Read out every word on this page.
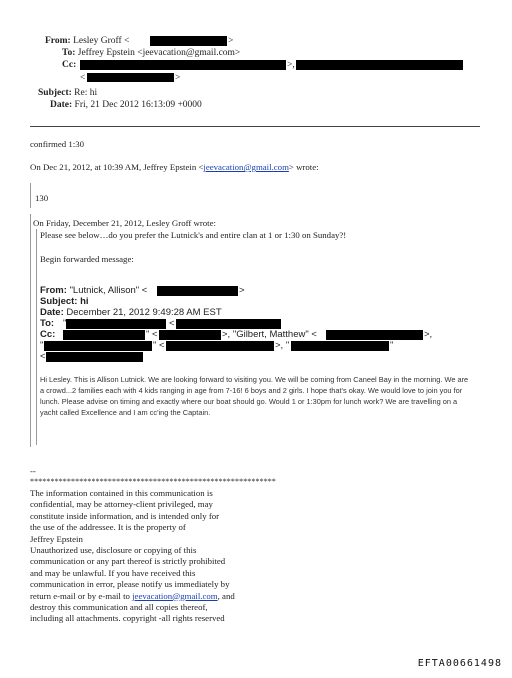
From: Lesley Groff <	>
To: Jeffrey Epstein <jeevacation@gmail.com>
Cc:	>,
<	>
Subject: Re: hi
Date: Fri, 21 Dec 2012 16:13:09 +0000
confirmed 1:30
On Dec 21, 2012, at 10:39 AM, Jeffrey Epstein <jeevacation@gmail.com> wrote:
130
On Friday, December 21, 2012, Lesley Groff wrote:
Please see below…do you prefer the Lutnick's and entire clan at 1 or 1:30 on Sunday?!
Begin forwarded message:
From: "Lutnick, Allison" <	>
Subject: hi
Date: December 21, 2012 9:49:28 AM EST
To: "	<
Cc:	" <	>, "Gilbert, Matthew" <	>,
"	" <	>, "	"
<
Hi Lesley. This is Allison Lutnick. We are looking forward to visiting you. We will be coming from Caneel Bay in the morning. We are a crowd...2 families each with 4 kids ranging in age from 7-16! 6 boys and 2 girls. I hope that's okay. We would love to join you for lunch. Please advise on timing and exactly where our boat should go. Would 1 or 1:30pm for lunch work? We are travelling on a yacht called Excellence and I am cc'ing the Captain.
--
************************************************************
The information contained in this communication is
confidential, may be attorney-client privileged, may
constitute inside information, and is intended only for
the use of the addressee. It is the property of
Jeffrey Epstein
Unauthorized use, disclosure or copying of this
communication or any part thereof is strictly prohibited
and may be unlawful. If you have received this
communication in error, please notify us immediately by
return e-mail or by e-mail to jeevacation@gmail.com, and
destroy this communication and all copies thereof,
including all attachments. copyright -all rights reserved
EFTA00661498
